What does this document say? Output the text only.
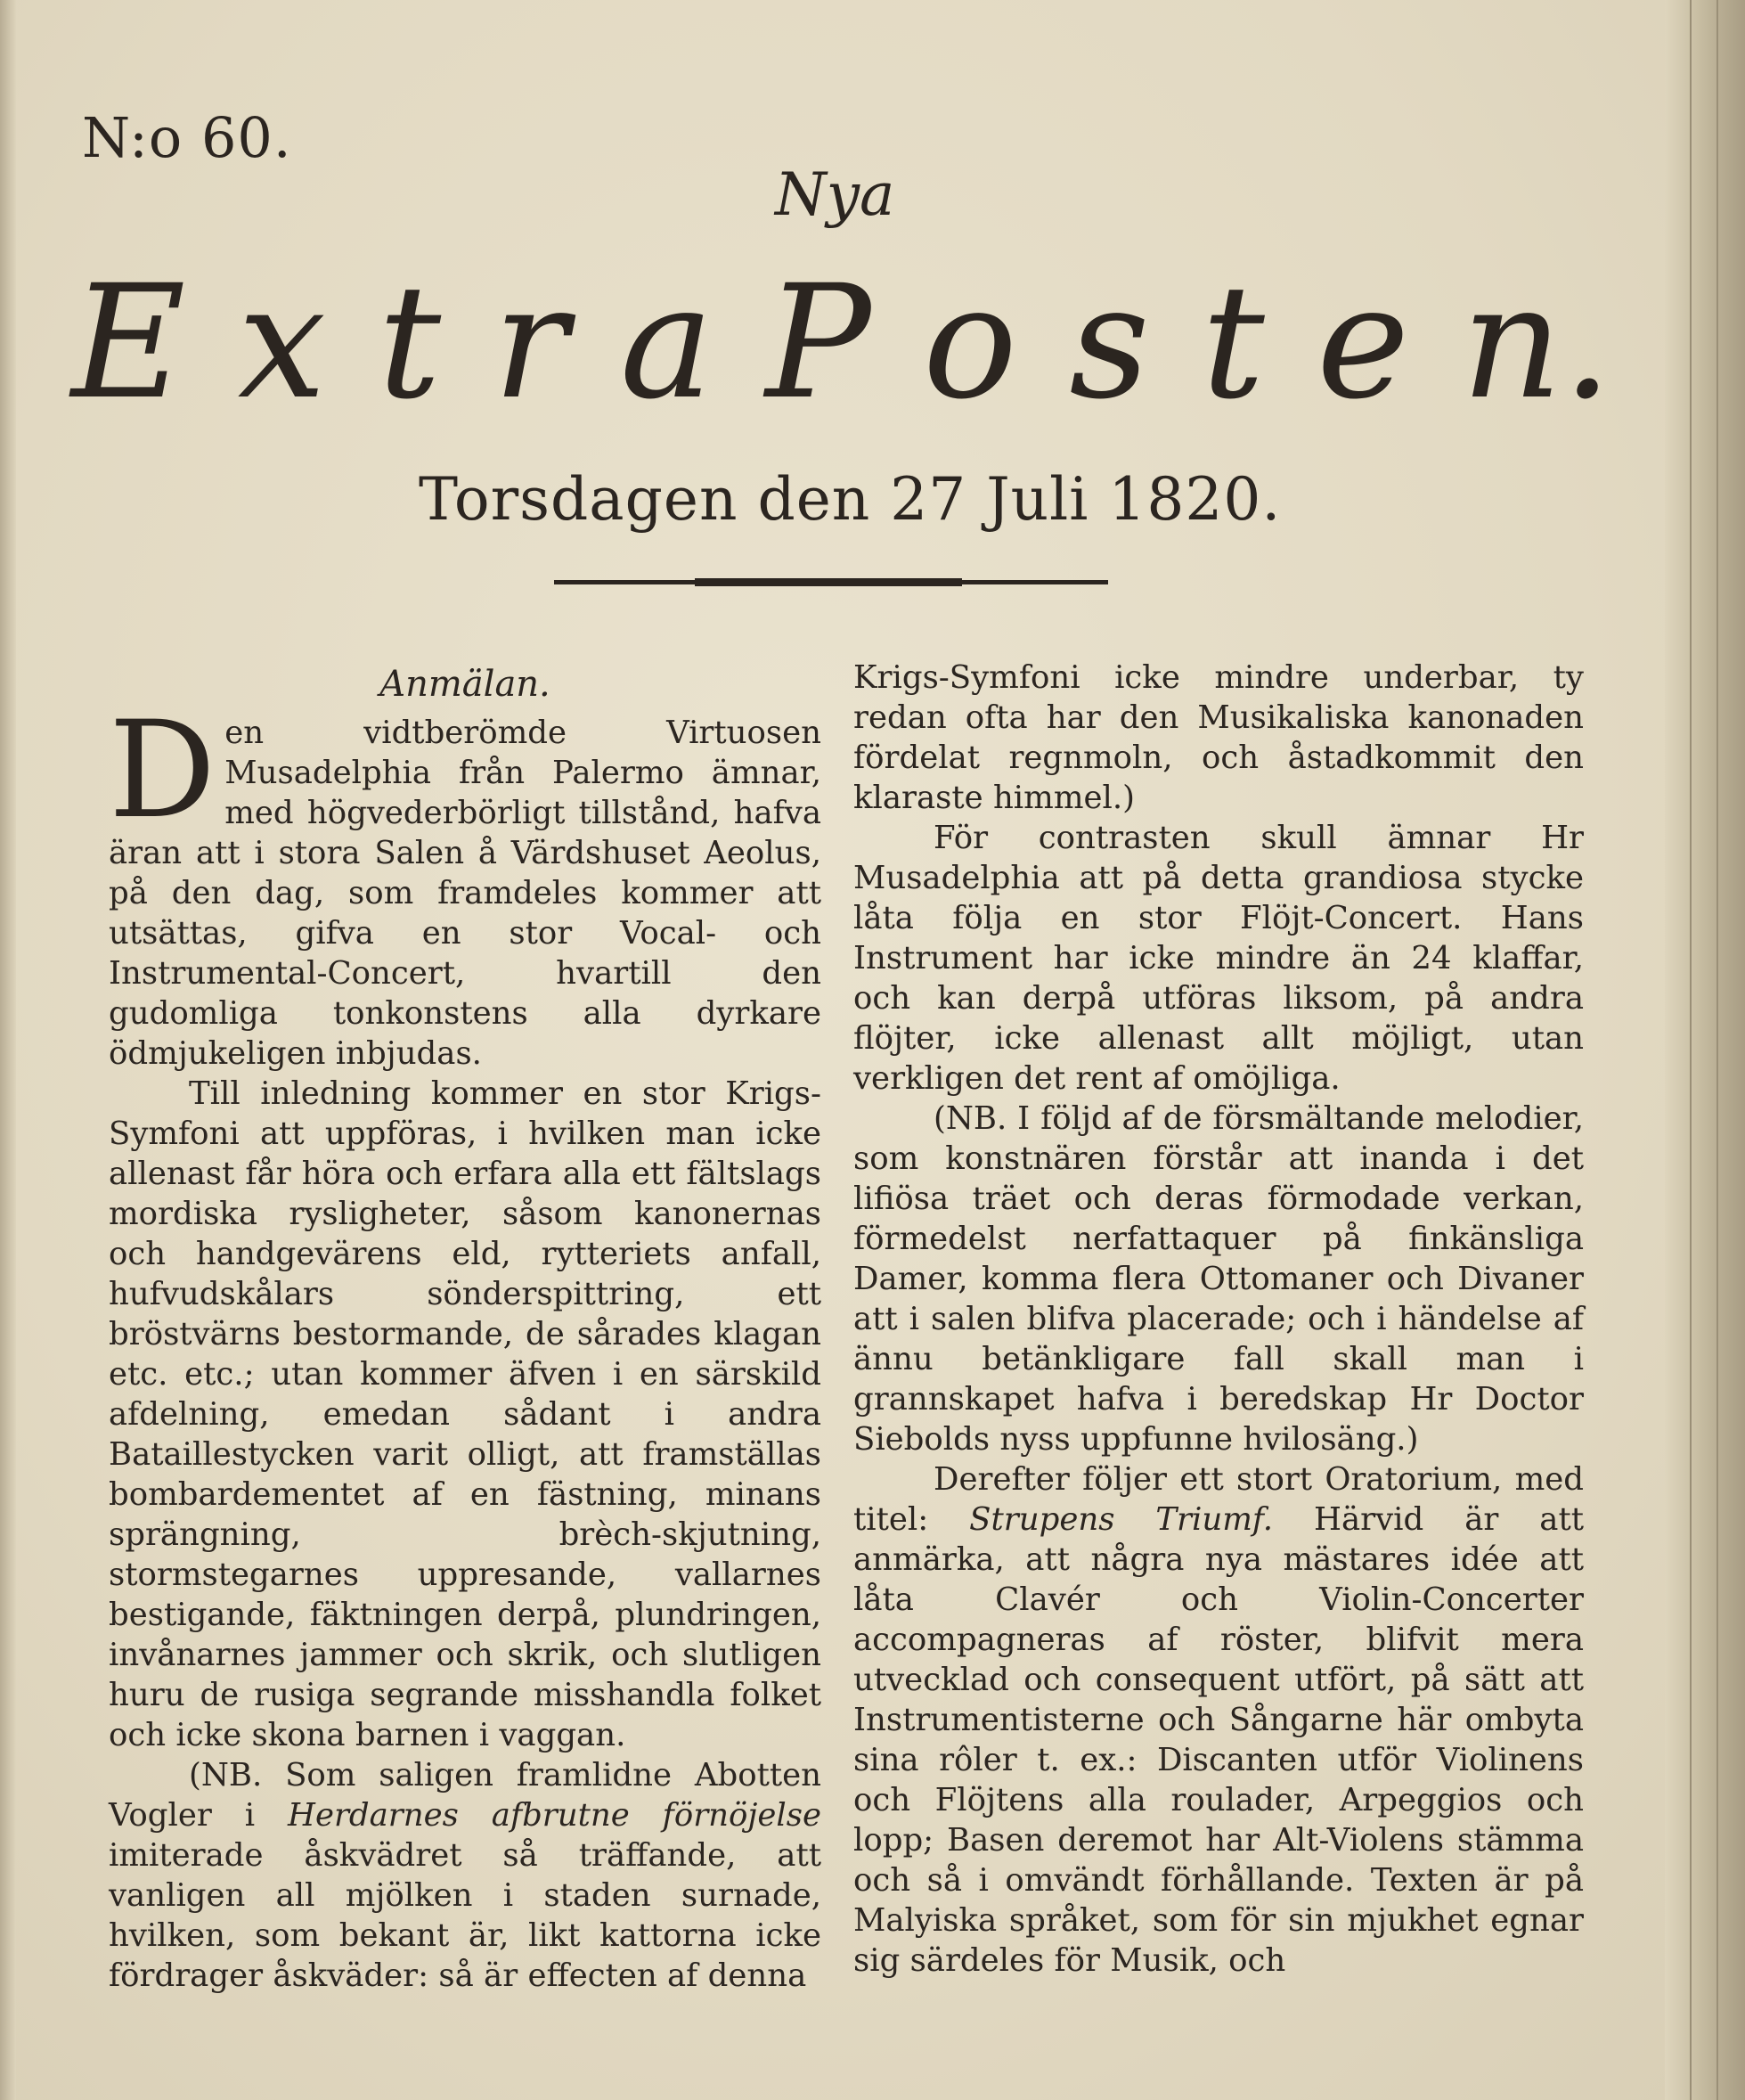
N:o 60.
Nya
E x t r a P o s t e n.
Torsdagen den 27 Juli 1820.

Anmälan.

Den vidtberömde Virtuosen Musadelphia från Palermo ämnar, med högvederbörligt tillstånd, hafva äran att i stora Salen å Värdshuset Aeolus, på den dag, som framdeles kommer att utsättas, gifva en stor Vocal- och Instrumental-Concert, hvartill den gudomliga tonkonstens alla dyrkare ödmjukeligen inbjudas.

Till inledning kommer en stor Krigs-Symfoni att uppföras, i hvilken man icke allenast får höra och erfara alla ett fältslags mordiska rysligheter, såsom kanonernas och handgevärens eld, rytteriets anfall, hufvudskålars sönderspittring, ett bröstvärns bestormande, de sårades klagan etc. etc.; utan kommer äfven i en särskild afdelning, emedan sådant i andra Bataillestycken varit olligt, att framställas bombardementet af en fästning, minans sprängning, brèch-skjutning, stormstegarnes uppresande, vallarnes bestigande, fäktningen derpå, plundringen, invånarnes jammer och skrik, och slutligen huru de rusiga segrande misshandla folket och icke skona barnen i vaggan.

(NB. Som saligen framlidne Abotten Vogler i Herdarnes afbrutne förnöjelse imiterade åskvädret så träffande, att vanligen all mjölken i staden surnade, hvilken, som bekant är, likt kattorna icke fördrager åskväder: så är effecten af denna

Krigs-Symfoni icke mindre underbar, ty redan ofta har den Musikaliska kanonaden fördelat regnmoln, och åstadkommit den klaraste himmel.)

För contrasten skull ämnar Hr Musadelphia att på detta grandiosa stycke låta följa en stor Flöjt-Concert. Hans Instrument har icke mindre än 24 klaffar, och kan derpå utföras liksom, på andra flöjter, icke allenast allt möjligt, utan verkligen det rent af omöjliga.

(NB. I följd af de försmältande melodier, som konstnären förstår att inanda i det lifiösa träet och deras förmodade verkan, förmedelst nerfattaquer på finkänsliga Damer, komma flera Ottomaner och Divaner att i salen blifva placerade; och i händelse af ännu betänkligare fall skall man i grannskapet hafva i beredskap Hr Doctor Siebolds nyss uppfunne hvilosäng.)

Derefter följer ett stort Oratorium, med titel: Strupens Triumf. Härvid är att anmärka, att några nya mästares idée att låta Clavér och Violin-Concerter accompagneras af röster, blifvit mera utvecklad och consequent utfört, på sätt att Instrumentisterne och Sångarne här ombyta sina rôler t. ex.: Discanten utför Violinens och Flöjtens alla roulader, Arpeggios och lopp; Basen deremot har Alt-Violens stämma och så i omvändt förhållande. Texten är på Malyiska språket, som för sin mjukhet egnar sig särdeles för Musik, och
